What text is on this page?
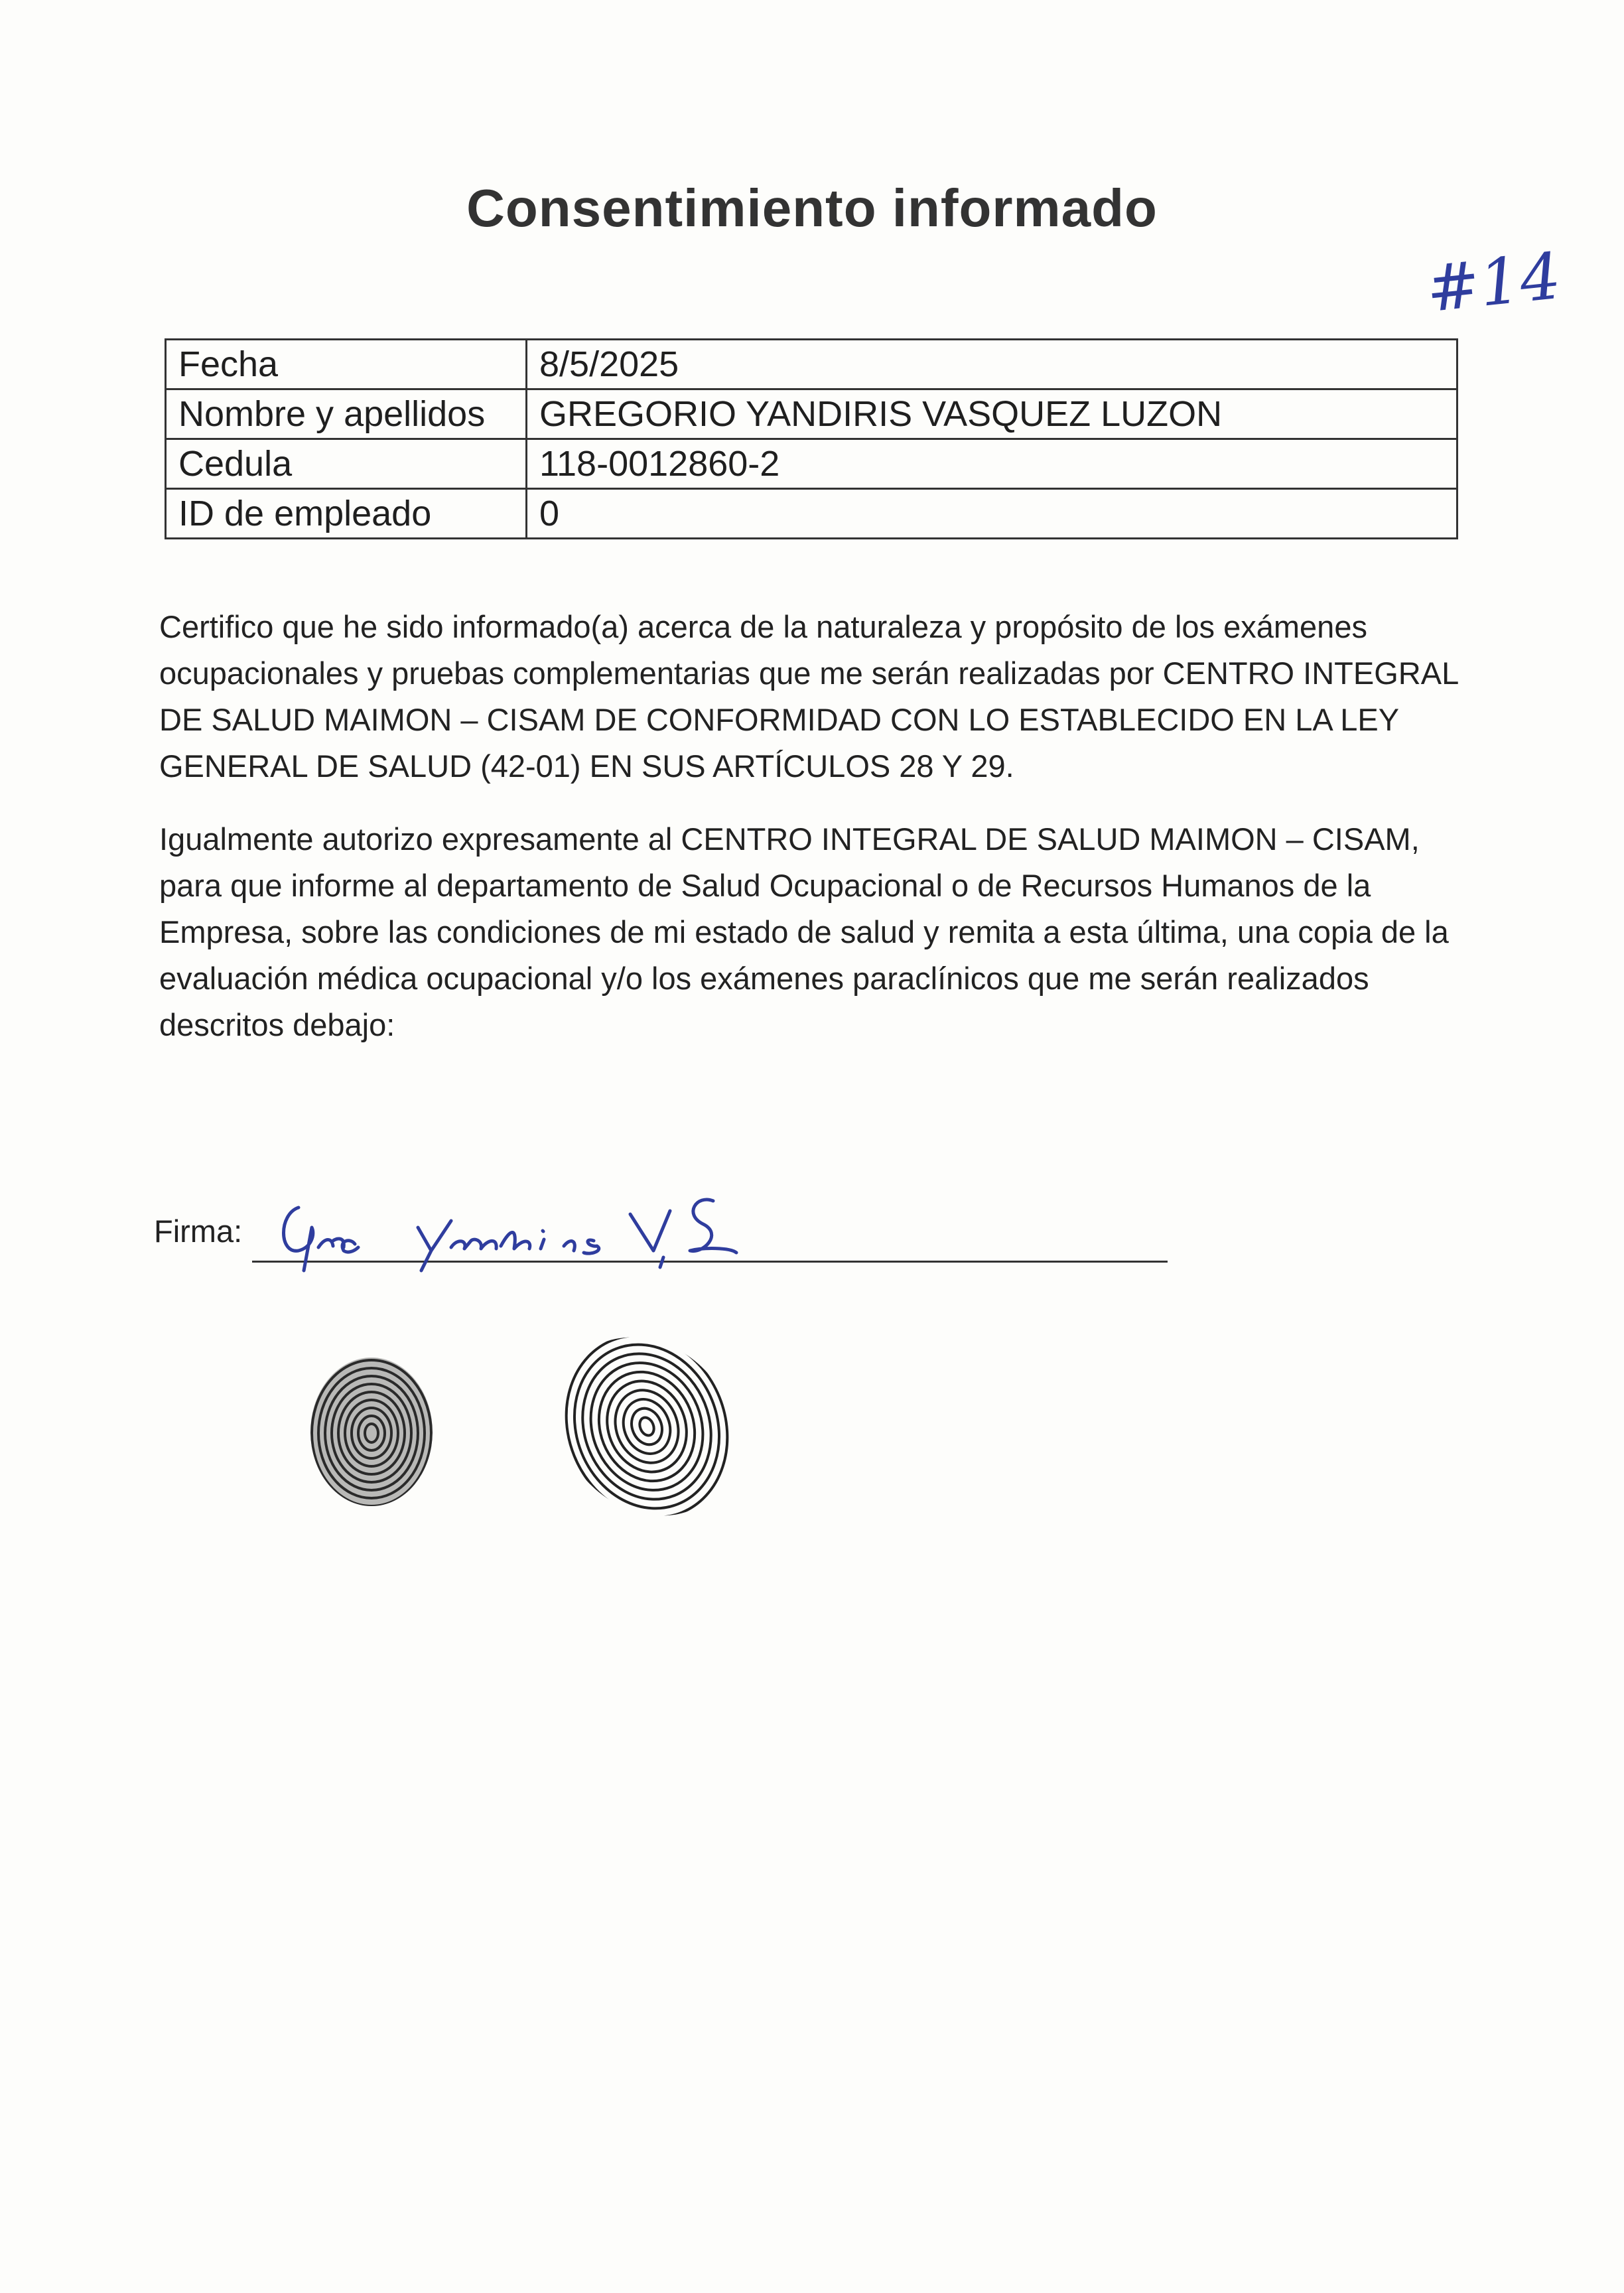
Consentimiento informado
#14
Fecha	8/5/2025
Nombre y apellidos	GREGORIO YANDIRIS VASQUEZ LUZON
Cedula	118-0012860-2
ID de empleado	0
Certifico que he sido informado(a) acerca de la naturaleza y propósito de los exámenes ocupacionales y pruebas complementarias que me serán realizadas por CENTRO INTEGRAL DE SALUD MAIMON – CISAM DE CONFORMIDAD CON LO ESTABLECIDO EN LA LEY GENERAL DE SALUD (42-01) EN SUS ARTÍCULOS 28 Y 29.
Igualmente autorizo expresamente al CENTRO INTEGRAL DE SALUD MAIMON – CISAM, para que informe al departamento de Salud Ocupacional o de Recursos Humanos de la Empresa, sobre las condiciones de mi estado de salud y remita a esta última, una copia de la evaluación médica ocupacional y/o los exámenes paraclínicos que me serán realizados descritos debajo:
Firma:
